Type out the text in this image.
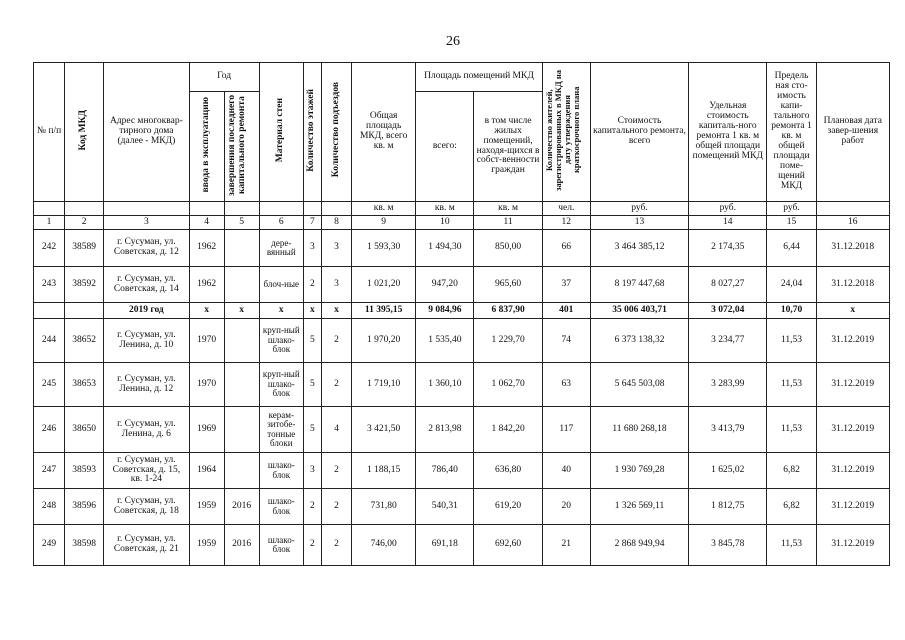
26
№ п/п	Код МКД	Адрес многоквар-тирного дома (далее - МКД)	Год		Материал стен	Количество этажей	Количество подъездов	Общая площадь МКД, всего кв. м	Площадь помещений МКД		Количество жителей, зарегистрированных в МКД на дату утверждения краткосрочного плана	Стоимость капитального ремонта, всего	Удельная стоимость капиталь-ного ремонта 1 кв. м общей площади помещений МКД	Предель ная сто-имость капи-тального ремонта 1 кв. м общей площади поме-щений МКД	Плановая дата завер-шения работ
			ввода в эксплуатацию	завершения последнего капитального ремонта					всего:	в том числе жилых помещений, находя-щихся в собст-венности граждан					
								кв. м	кв. м	кв. м	чел.	руб.	руб.	руб.	
1	2	3	4	5	6	7	8	9	10	11	12	13	14	15	16
242	38589	г. Сусуман, ул. Советская, д. 12	1962		дере-вянный	3	3	1 593,30	1 494,30	850,00	66	3 464 385,12	2 174,35	6,44	31.12.2018
243	38592	г. Сусуман, ул. Советская, д. 14	1962		блоч-ные	2	3	1 021,20	947,20	965,60	37	8 197 447,68	8 027,27	24,04	31.12.2018
		2019 год	x	x	x	x	x	11 395,15	9 084,96	6 837,90	401	35 006 403,71	3 072,04	10,70	x
244	38652	г. Сусуман, ул. Ленина, д. 10	1970		круп-ный шлако-блок	5	2	1 970,20	1 535,40	1 229,70	74	6 373 138,32	3 234,77	11,53	31.12.2019
245	38653	г. Сусуман, ул. Ленина, д. 12	1970		круп-ный шлако-блок	5	2	1 719,10	1 360,10	1 062,70	63	5 645 503,08	3 283,99	11,53	31.12.2019
246	38650	г. Сусуман, ул. Ленина, д. 6	1969		керам-зитобе-тонные блоки	5	4	3 421,50	2 813,98	1 842,20	117	11 680 268,18	3 413,79	11,53	31.12.2019
247	38593	г. Сусуман, ул. Советская, д. 15, кв. 1-24	1964		шлако-блок	3	2	1 188,15	786,40	636,80	40	1 930 769,28	1 625,02	6,82	31.12.2019
248	38596	г. Сусуман, ул. Советская, д. 18	1959	2016	шлако-блок	2	2	731,80	540,31	619,20	20	1 326 569,11	1 812,75	6,82	31.12.2019
249	38598	г. Сусуман, ул. Советская, д. 21	1959	2016	шлако-блок	2	2	746,00	691,18	692,60	21	2 868 949,94	3 845,78	11,53	31.12.2019
